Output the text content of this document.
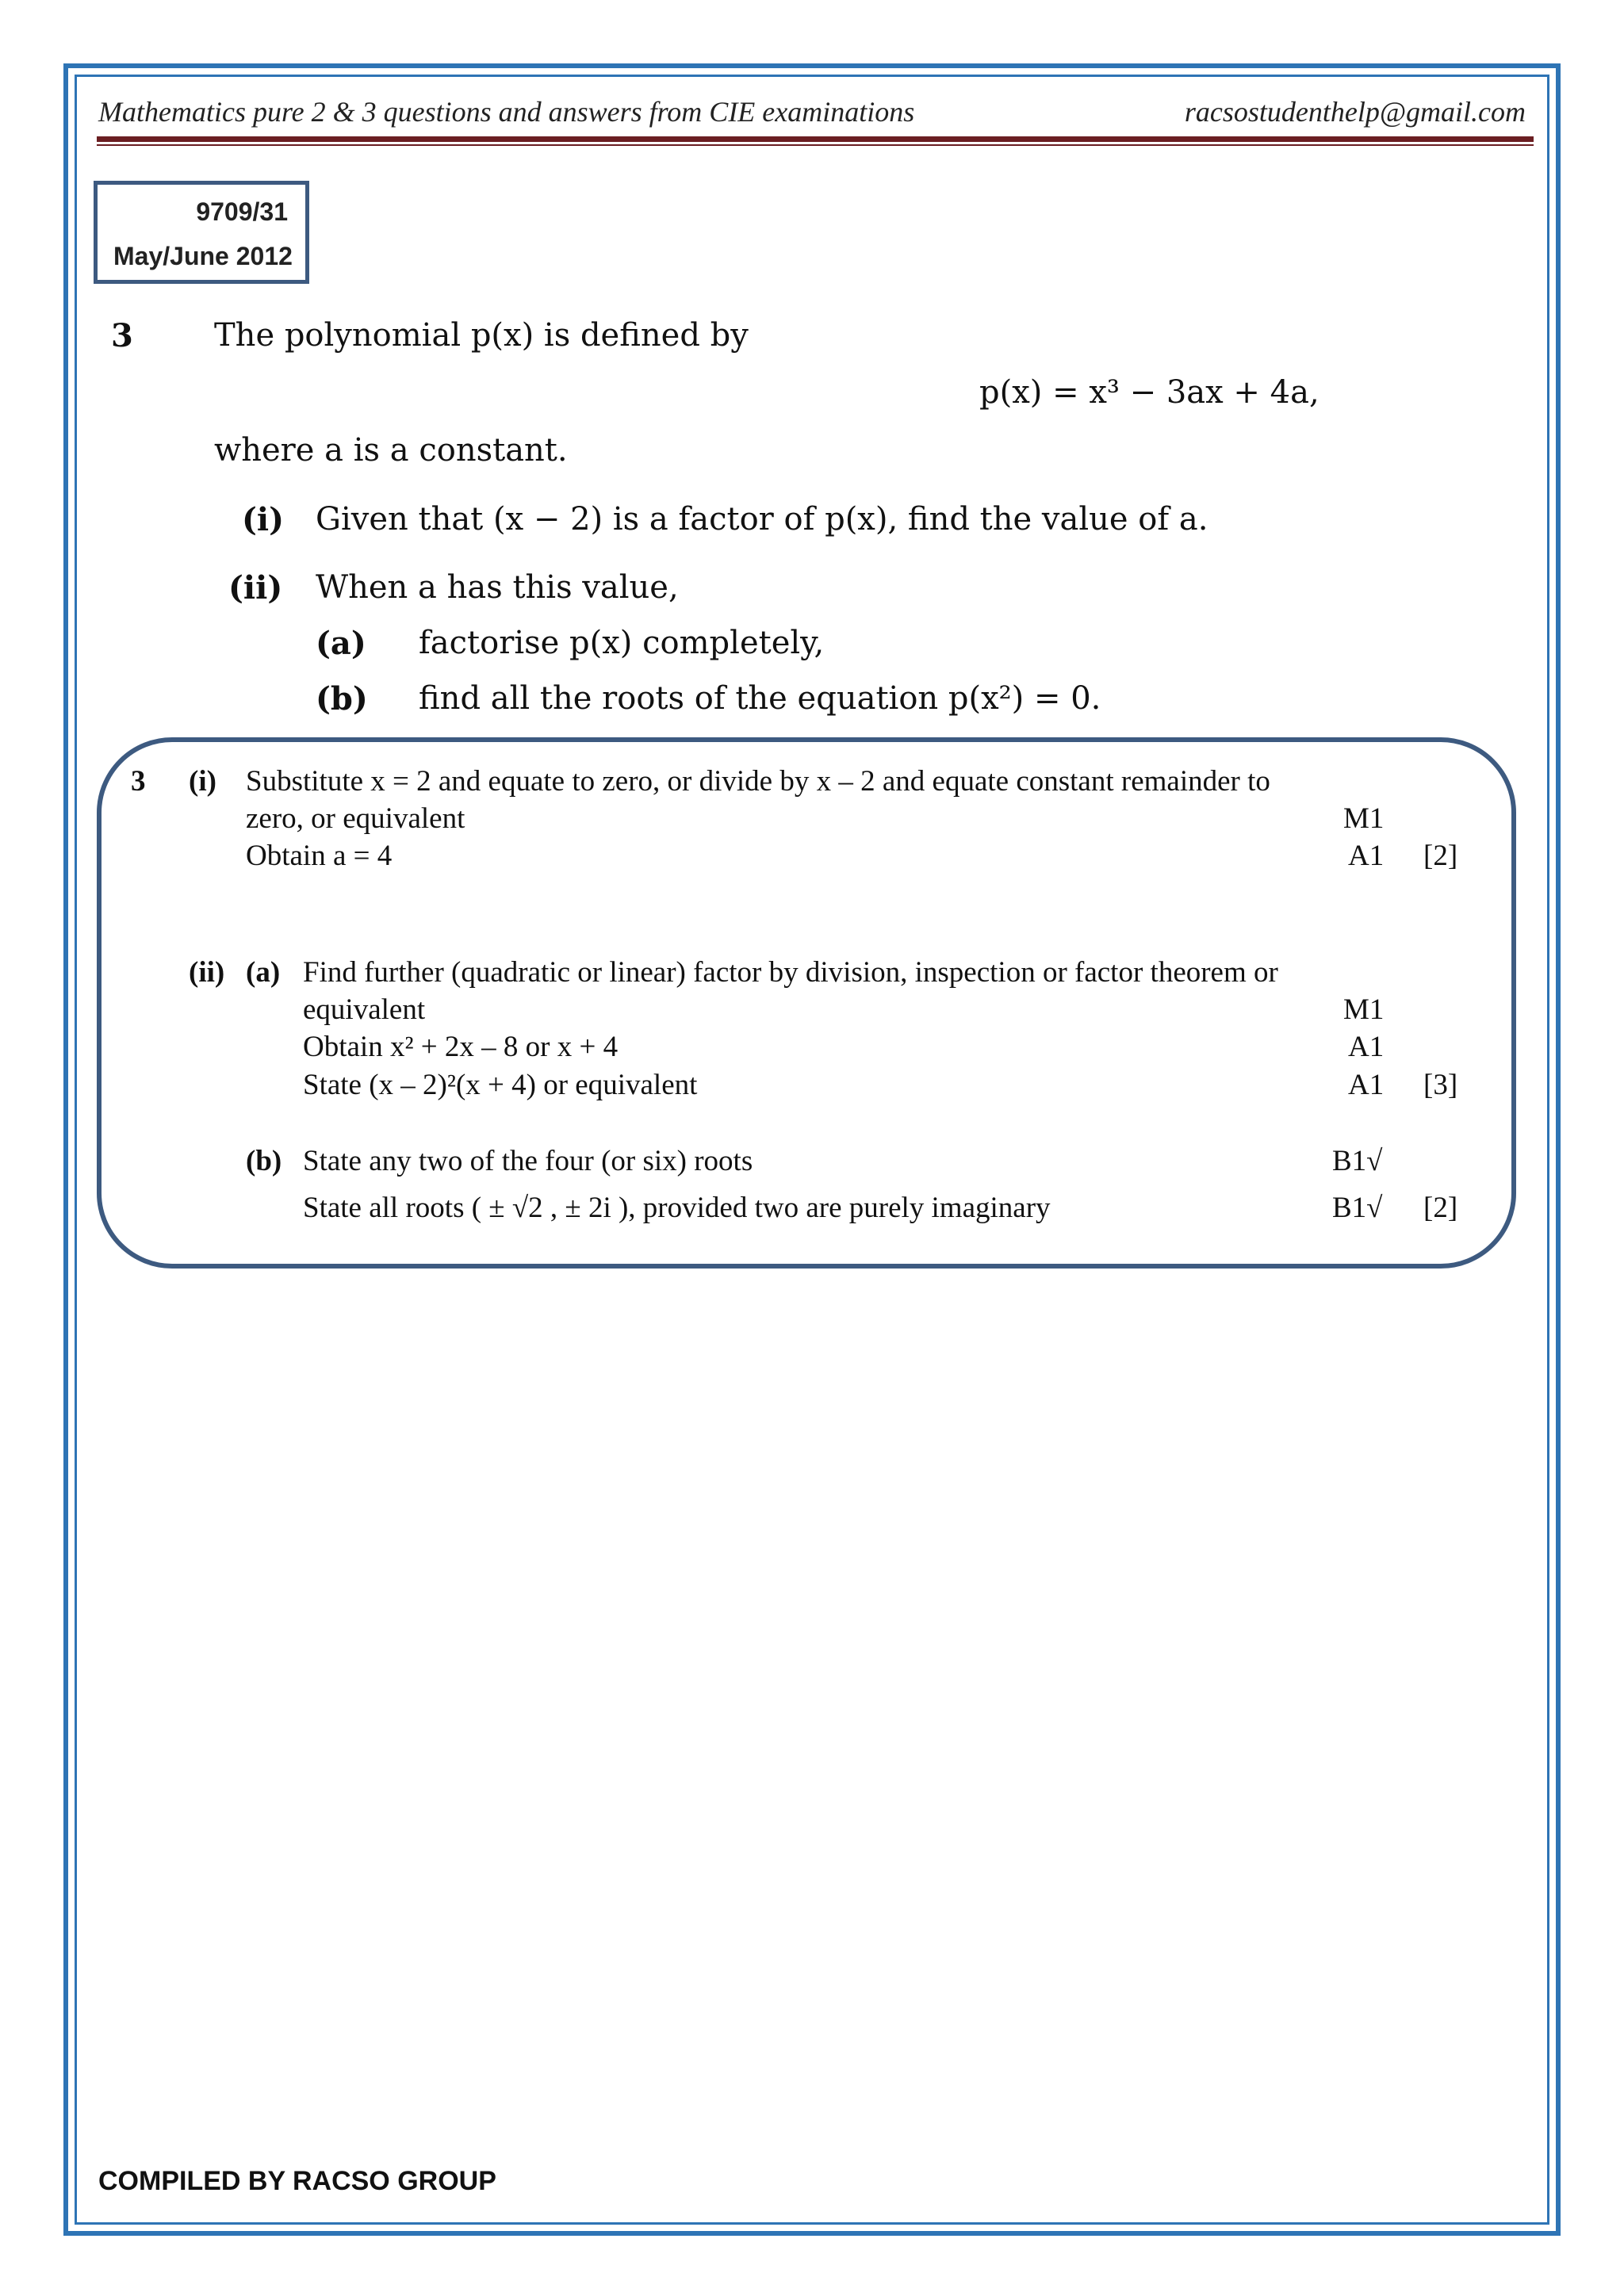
Mathematics pure 2 & 3 questions and answers from CIE examinations	racsostudenthelp@gmail.com
9709/31
May/June 2012
3	The polynomial p(x) is defined by
p(x) = x³ − 3ax + 4a,
where a is a constant.
(i) Given that (x − 2) is a factor of p(x), find the value of a.
(ii) When a has this value,
(a) factorise p(x) completely,
(b) find all the roots of the equation p(x²) = 0.
3 (i) Substitute x = 2 and equate to zero, or divide by x – 2 and equate constant remainder to
zero, or equivalent
Obtain a = 4
M1
A1 [2]
(ii) (a) Find further (quadratic or linear) factor by division, inspection or factor theorem or
equivalent
Obtain x² + 2x – 8 or x + 4
State (x – 2)²(x + 4) or equivalent
M1
A1
A1 [3]
(b) State any two of the four (or six) roots
State all roots ( ± √2 , ± 2i ), provided two are purely imaginary
B1√
B1√ [2]
COMPILED BY RACSO GROUP
